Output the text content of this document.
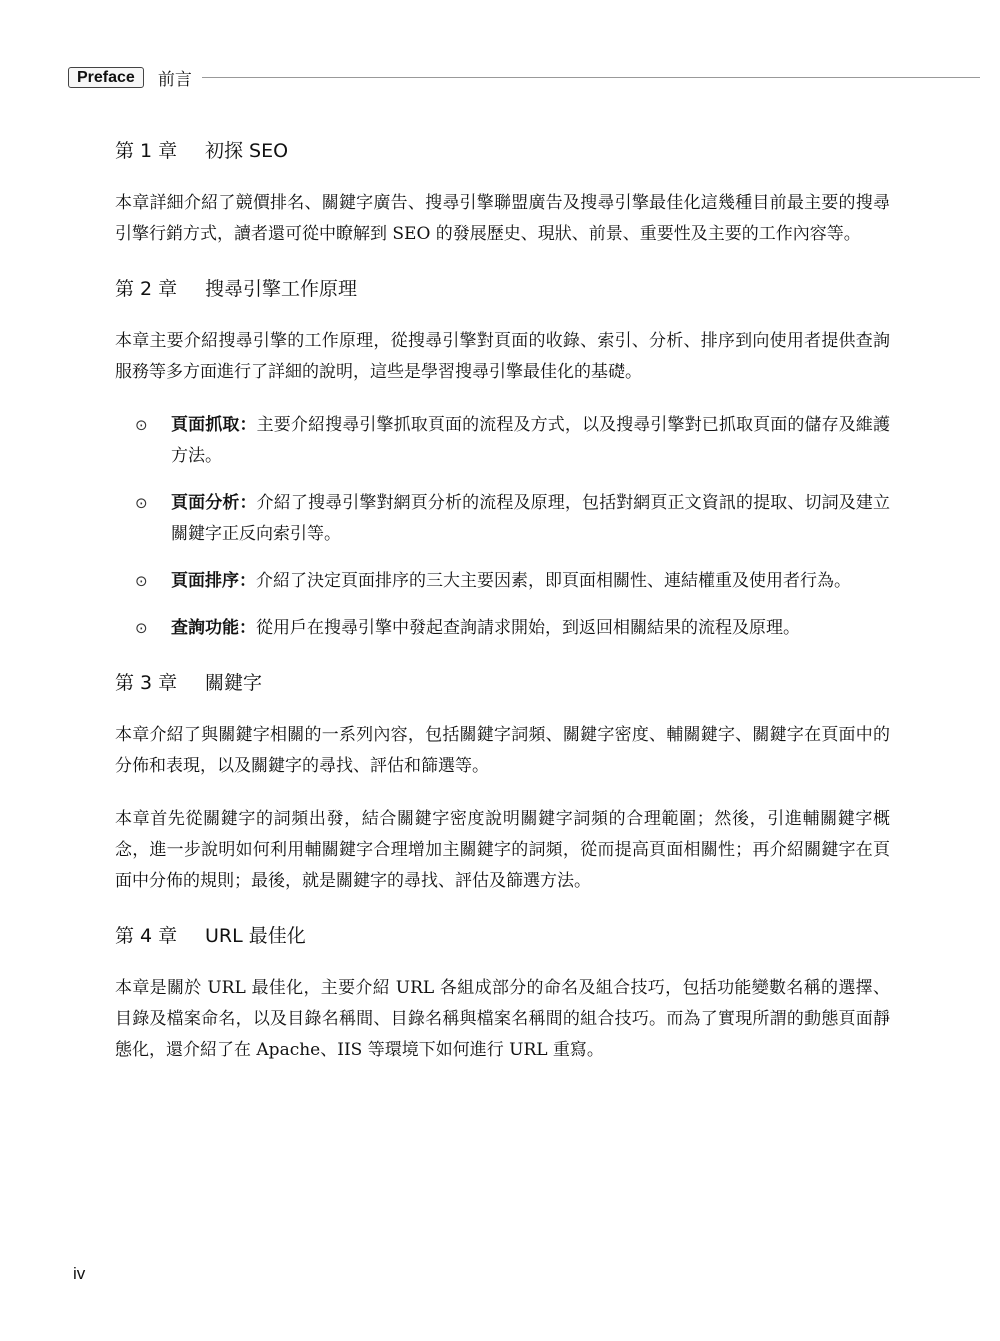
Preface	前言
第 1 章	初探 SEO

本章詳細介紹了競價排名、關鍵字廣告、搜尋引擎聯盟廣告及搜尋引擎最佳化這幾種目前最主要的搜尋引擎行銷方式，讀者還可從中瞭解到 SEO 的發展歷史、現狀、前景、重要性及主要的工作內容等。

第 2 章	搜尋引擎工作原理

本章主要介紹搜尋引擎的工作原理，從搜尋引擎對頁面的收錄、索引、分析、排序到向使用者提供查詢服務等多方面進行了詳細的說明，這些是學習搜尋引擎最佳化的基礎。

⊙ 頁面抓取：主要介紹搜尋引擎抓取頁面的流程及方式，以及搜尋引擎對已抓取頁面的儲存及維護方法。
⊙ 頁面分析：介紹了搜尋引擎對網頁分析的流程及原理，包括對網頁正文資訊的提取、切詞及建立關鍵字正反向索引等。
⊙ 頁面排序：介紹了決定頁面排序的三大主要因素，即頁面相關性、連結權重及使用者行為。
⊙ 查詢功能：從用戶在搜尋引擎中發起查詢請求開始，到返回相關結果的流程及原理。
第 3 章	關鍵字

本章介紹了與關鍵字相關的一系列內容，包括關鍵字詞頻、關鍵字密度、輔關鍵字、關鍵字在頁面中的分佈和表現，以及關鍵字的尋找、評估和篩選等。

本章首先從關鍵字的詞頻出發，結合關鍵字密度說明關鍵字詞頻的合理範圍；然後，引進輔關鍵字概念，進一步說明如何利用輔關鍵字合理增加主關鍵字的詞頻，從而提高頁面相關性；再介紹關鍵字在頁面中分佈的規則；最後，就是關鍵字的尋找、評估及篩選方法。

第 4 章	URL 最佳化

本章是關於 URL 最佳化，主要介紹 URL 各組成部分的命名及組合技巧，包括功能變數名稱的選擇、目錄及檔案命名，以及目錄名稱間、目錄名稱與檔案名稱間的組合技巧。而為了實現所謂的動態頁面靜態化，還介紹了在 Apache、IIS 等環境下如何進行 URL 重寫。

iv
